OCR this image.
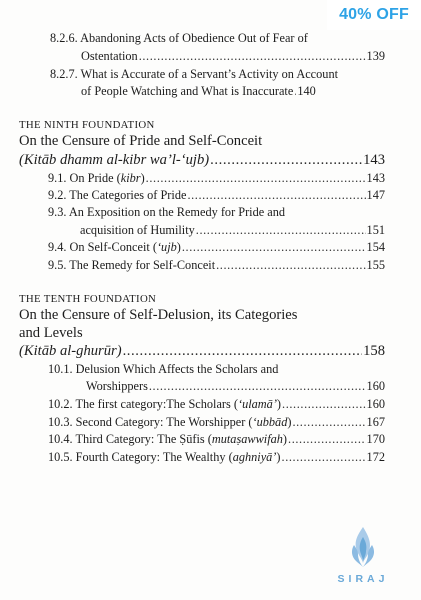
40% OFF
8.2.6. Abandoning Acts of Obedience Out of Fear of
Ostentation .....	139
8.2.7. What is Accurate of a Servant’s Activity on Account
of People Watching and What is Inaccurate ..... 140
THE NINTH FOUNDATION
On the Censure of Pride and Self-Conceit
(Kitāb dhamm al-kibr wa’l-‘ujb) .....	143
9.1. On Pride (kibr) .....	143
9.2. The Categories of Pride .....	147
9.3. An Exposition on the Remedy for Pride and
acquisition of Humility .....	151
9.4. On Self-Conceit (‘ujb) .....	154
9.5. The Remedy for Self-Conceit .....	155
THE TENTH FOUNDATION
On the Censure of Self-Delusion, its Categories
and Levels
(Kitāb al-ghurūr) .....	158
10.1. Delusion Which Affects the Scholars and
Worshippers .....	160
10.2. The first category:The Scholars (‘ulamā’) .....	160
10.3. Second Category: The Worshipper (‘ubbād) .....	167
10.4. Third Category: The Ṣūfis (mutaṣawwifah) .....	170
10.5. Fourth Category: The Wealthy (aghniyā’) .....	172
SIRAJ
